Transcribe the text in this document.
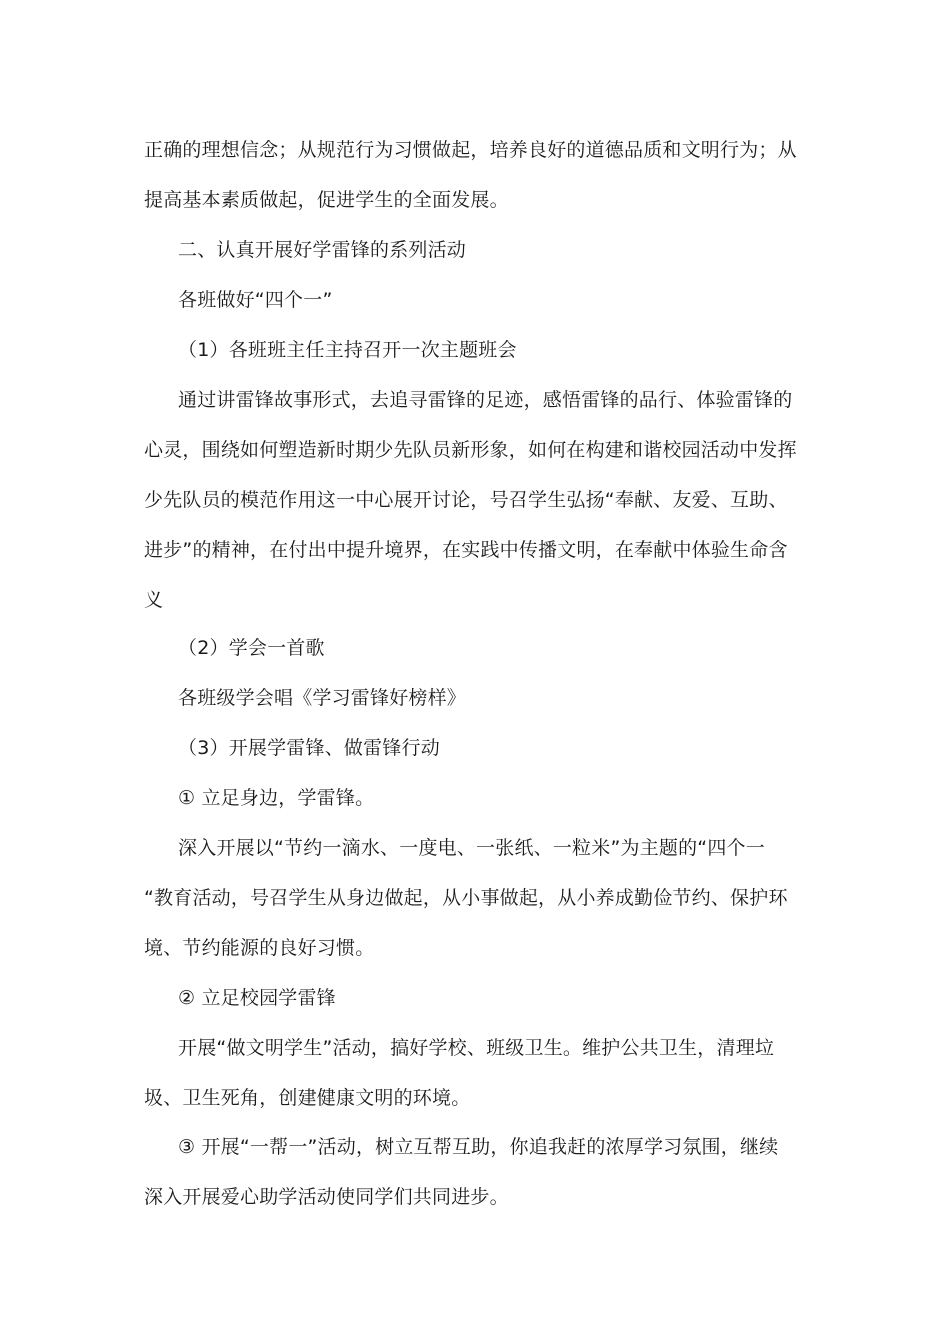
正确的理想信念；从规范行为习惯做起，培养良好的道德品质和文明行为；从
提高基本素质做起，促进学生的全面发展。
二、认真开展好学雷锋的系列活动
各班做好“四个一”
（1）各班班主任主持召开一次主题班会
通过讲雷锋故事形式，去追寻雷锋的足迹，感悟雷锋的品行、体验雷锋的
心灵，围绕如何塑造新时期少先队员新形象，如何在构建和谐校园活动中发挥
少先队员的模范作用这一中心展开讨论，号召学生弘扬“奉献、友爱、互助、
进步”的精神，在付出中提升境界，在实践中传播文明，在奉献中体验生命含
义
（2）学会一首歌
各班级学会唱《学习雷锋好榜样》
（3）开展学雷锋、做雷锋行动
① 立足身边，学雷锋。
深入开展以“节约一滴水、一度电、一张纸、一粒米”为主题的“四个一
“教育活动，号召学生从身边做起，从小事做起，从小养成勤俭节约、保护环
境、节约能源的良好习惯。
② 立足校园学雷锋
开展“做文明学生”活动，搞好学校、班级卫生。维护公共卫生，清理垃
圾、卫生死角，创建健康文明的环境。
③ 开展“一帮一”活动，树立互帮互助，你追我赶的浓厚学习氛围，继续
深入开展爱心助学活动使同学们共同进步。
